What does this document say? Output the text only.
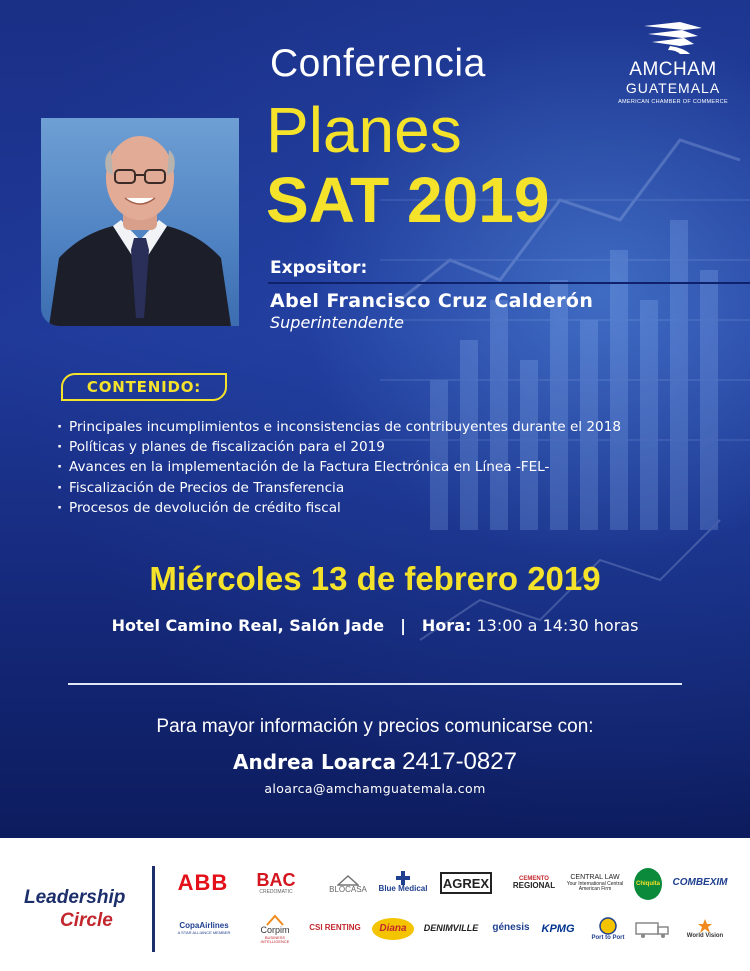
AMCHAM
GUATEMALA
AMERICAN CHAMBER OF COMMERCE
Conferencia
Planes
SAT 2019
Expositor:
Abel Francisco Cruz Calderón
Superintendente
CONTENIDO:
· Principales incumplimientos e inconsistencias de contribuyentes durante el 2018
· Políticas y planes de fiscalización para el 2019
· Avances en la implementación de la Factura Electrónica en Línea -FEL-
· Fiscalización de Precios de Transferencia
· Procesos de devolución de crédito fiscal
Miércoles 13 de febrero 2019
Hotel Camino Real, Salón Jade | Hora: 13:00 a 14:30 horas
Para mayor información y precios comunicarse con:
Andrea Loarca 2417-0827
aloarca@amchamguatemala.com
Leadership
Circle
ABB BAC
CREDOMATIC	BLOCASA Blue Medical AGREX	CEMENTO
REGIONAL
CENTRAL LAW
Your International Central American Firm
Chiquita COMBEXIM
CopaAirlines
A STAR ALLIANCE MEMBER	Corpim
BUSINESS INTELLIGENCE
CSI RENTING Diana DENIMVILLE génesis KPMG
Port to Port	World Vision
